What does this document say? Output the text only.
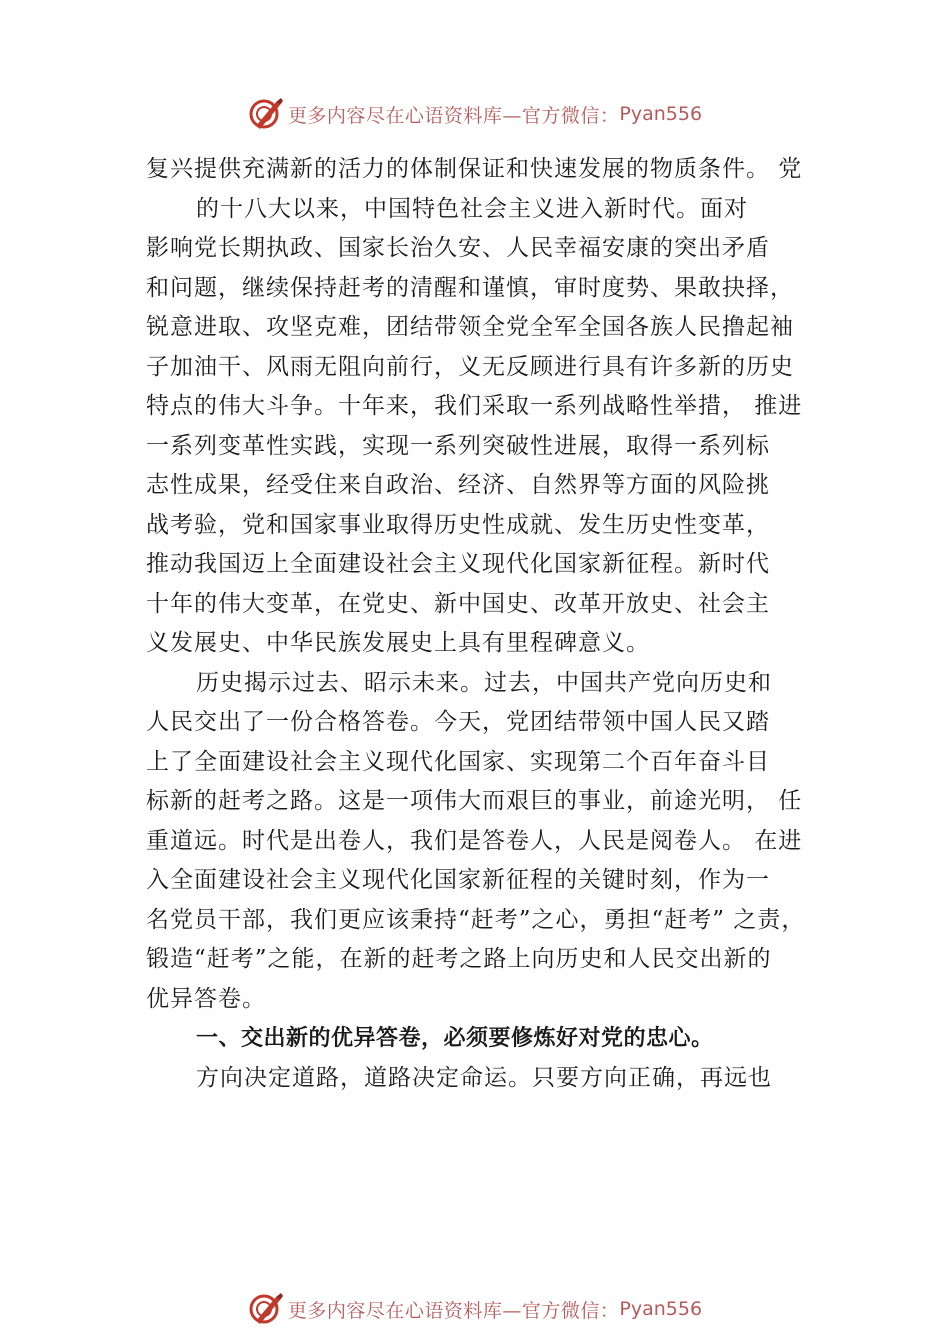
更多内容尽在心语资料库—官方微信： Pyan556
复兴提供充满新的活力的体制保证和快速发展的物质条件。 党
的十八大以来，中国特色社会主义进入新时代。面对
影响党长期执政、国家长治久安、人民幸福安康的突出矛盾
和问题，继续保持赶考的清醒和谨慎，审时度势、果敢抉择，
锐意进取、攻坚克难，团结带领全党全军全国各族人民撸起袖
子加油干、风雨无阻向前行，义无反顾进行具有许多新的历史
特点的伟大斗争。十年来，我们采取一系列战略性举措， 推进
一系列变革性实践，实现一系列突破性进展，取得一系列标
志性成果，经受住来自政治、经济、自然界等方面的风险挑
战考验，党和国家事业取得历史性成就、发生历史性变革，
推动我国迈上全面建设社会主义现代化国家新征程。新时代
十年的伟大变革，在党史、新中国史、改革开放史、社会主
义发展史、中华民族发展史上具有里程碑意义。
历史揭示过去、昭示未来。过去，中国共产党向历史和
人民交出了一份合格答卷。今天，党团结带领中国人民又踏
上了全面建设社会主义现代化国家、实现第二个百年奋斗目
标新的赶考之路。这是一项伟大而艰巨的事业，前途光明， 任
重道远。时代是出卷人，我们是答卷人，人民是阅卷人。 在进
入全面建设社会主义现代化国家新征程的关键时刻，作为一
名党员干部，我们更应该秉持“赶考”之心，勇担“赶考” 之责，
锻造“赶考”之能，在新的赶考之路上向历史和人民交出新的
优异答卷。
一、交出新的优异答卷，必须要修炼好对党的忠心。
方向决定道路，道路决定命运。只要方向正确，再远也
更多内容尽在心语资料库—官方微信： Pyan556
